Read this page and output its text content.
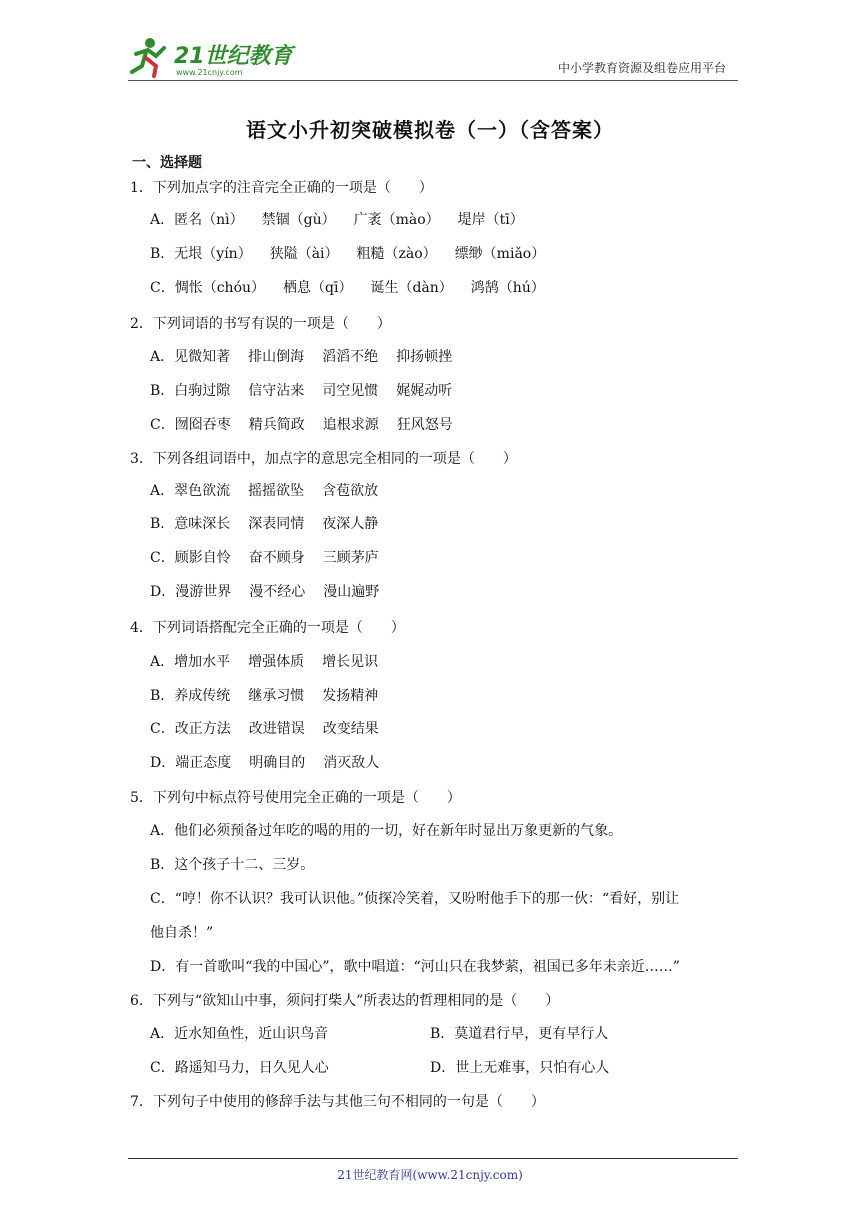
21世纪教育
www.21cnjy.com	中小学教育资源及组卷应用平台
语文小升初突破模拟卷（一）（含答案）
一、选择题
1．下列加点字的注音完全正确的一项是（　　）
A．匿名（nì） 禁锢（gù） 广袤（mào） 堤岸（tī）
B．无垠（yín） 狭隘（ài） 粗糙（zào） 缥缈（miǎo）
C．惆怅（chóu） 栖息（qī） 诞生（dàn） 鸿鹄（hú）
2．下列词语的书写有误的一项是（　　）
A．见微知著 排山倒海 滔滔不绝 抑扬顿挫
B．白驹过隙 信守沾来 司空见惯 娓娓动听
C．囫囵吞枣 精兵简政 追根求源 狂风怒号
3．下列各组词语中，加点字的意思完全相同的一项是（　　）
A．翠色欲流 摇摇欲坠 含苞欲放
B．意味深长 深表同情 夜深人静
C．顾影自怜 奋不顾身 三顾茅庐
D．漫游世界 漫不经心 漫山遍野
4．下列词语搭配完全正确的一项是（　　）
A．增加水平 增强体质 增长见识
B．养成传统 继承习惯 发扬精神
C．改正方法 改进错误 改变结果
D．端正态度 明确目的 消灭敌人
5．下列句中标点符号使用完全正确的一项是（　　）
A．他们必须预备过年吃的喝的用的一切，好在新年时显出万象更新的气象。
B．这个孩子十二、三岁。
C．“哼！你不认识？我可认识他。”侦探冷笑着，又吩咐他手下的那一伙：“看好，别让
他自杀！”
D．有一首歌叫“我的中国心”，歌中唱道：“河山只在我梦萦，祖国已多年未亲近……”
6．下列与“欲知山中事，须问打柴人”所表达的哲理相同的是（　　）
A．近水知鱼性，近山识鸟音	B．莫道君行早，更有早行人
C．路遥知马力，日久见人心	D．世上无难事，只怕有心人
7．下列句子中使用的修辞手法与其他三句不相同的一句是（　　）
21世纪教育网(www.21cnjy.com)
